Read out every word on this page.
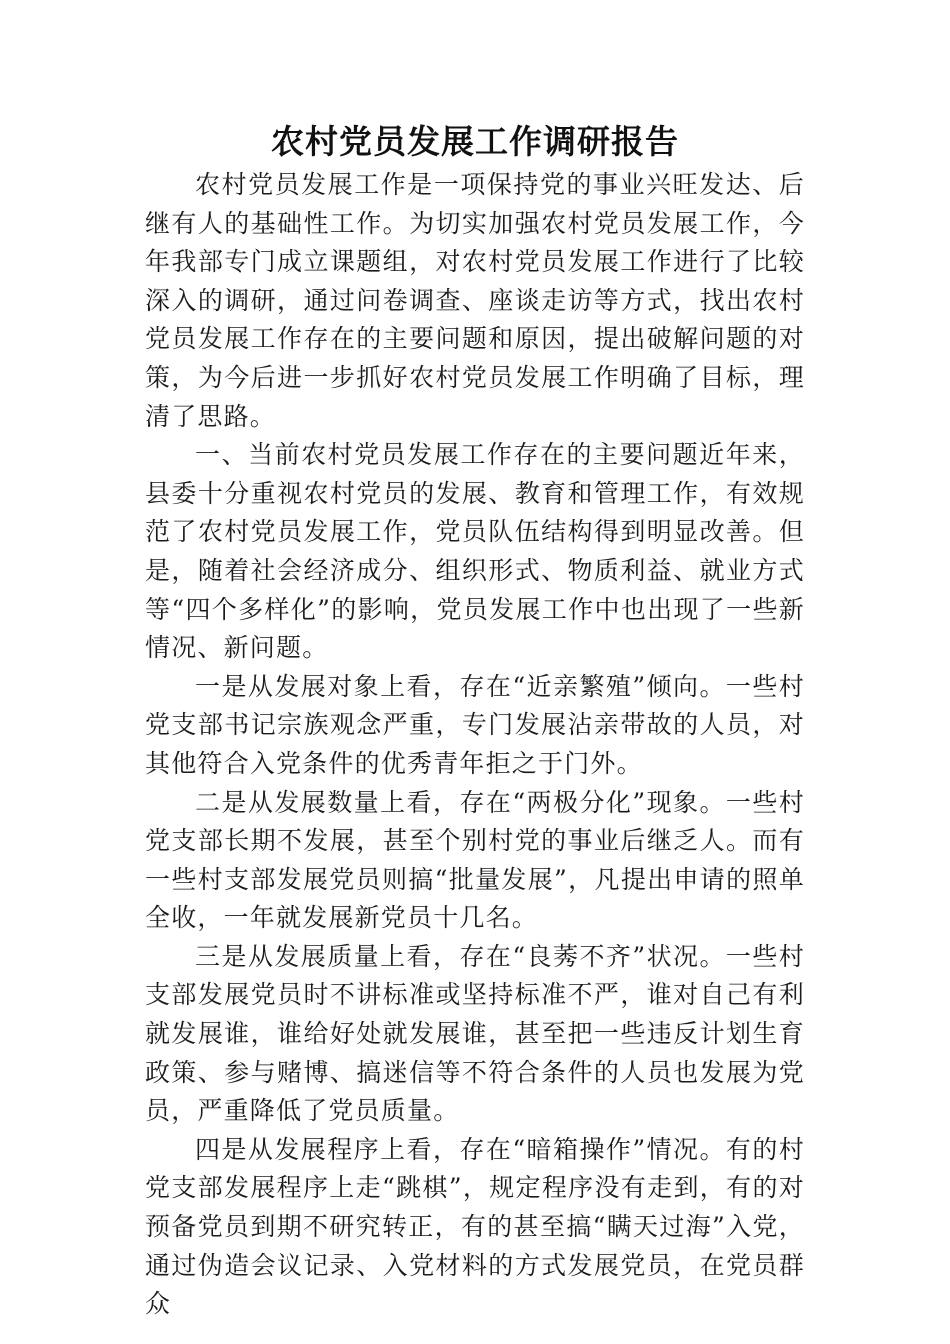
农村党员发展工作调研报告

农村党员发展工作是一项保持党的事业兴旺发达、后继有人的基础性工作。为切实加强农村党员发展工作，今年我部专门成立课题组，对农村党员发展工作进行了比较深入的调研，通过问卷调查、座谈走访等方式，找出农村党员发展工作存在的主要问题和原因，提出破解问题的对策，为今后进一步抓好农村党员发展工作明确了目标，理清了思路。

一、当前农村党员发展工作存在的主要问题近年来，县委十分重视农村党员的发展、教育和管理工作，有效规范了农村党员发展工作，党员队伍结构得到明显改善。但是，随着社会经济成分、组织形式、物质利益、就业方式等“四个多样化”的影响，党员发展工作中也出现了一些新情况、新问题。

一是从发展对象上看，存在“近亲繁殖”倾向。一些村党支部书记宗族观念严重，专门发展沾亲带故的人员，对其他符合入党条件的优秀青年拒之于门外。

二是从发展数量上看，存在“两极分化”现象。一些村党支部长期不发展，甚至个别村党的事业后继乏人。而有一些村支部发展党员则搞“批量发展”，凡提出申请的照单全收，一年就发展新党员十几名。

三是从发展质量上看，存在“良莠不齐”状况。一些村支部发展党员时不讲标准或坚持标准不严，谁对自己有利就发展谁，谁给好处就发展谁，甚至把一些违反计划生育政策、参与赌博、搞迷信等不符合条件的人员也发展为党员，严重降低了党员质量。

四是从发展程序上看，存在“暗箱操作”情况。有的村党支部发展程序上走“跳棋”，规定程序没有走到，有的对预备党员到期不研究转正，有的甚至搞“瞒天过海”入党，通过伪造会议记录、入党材料的方式发展党员，在党员群众
